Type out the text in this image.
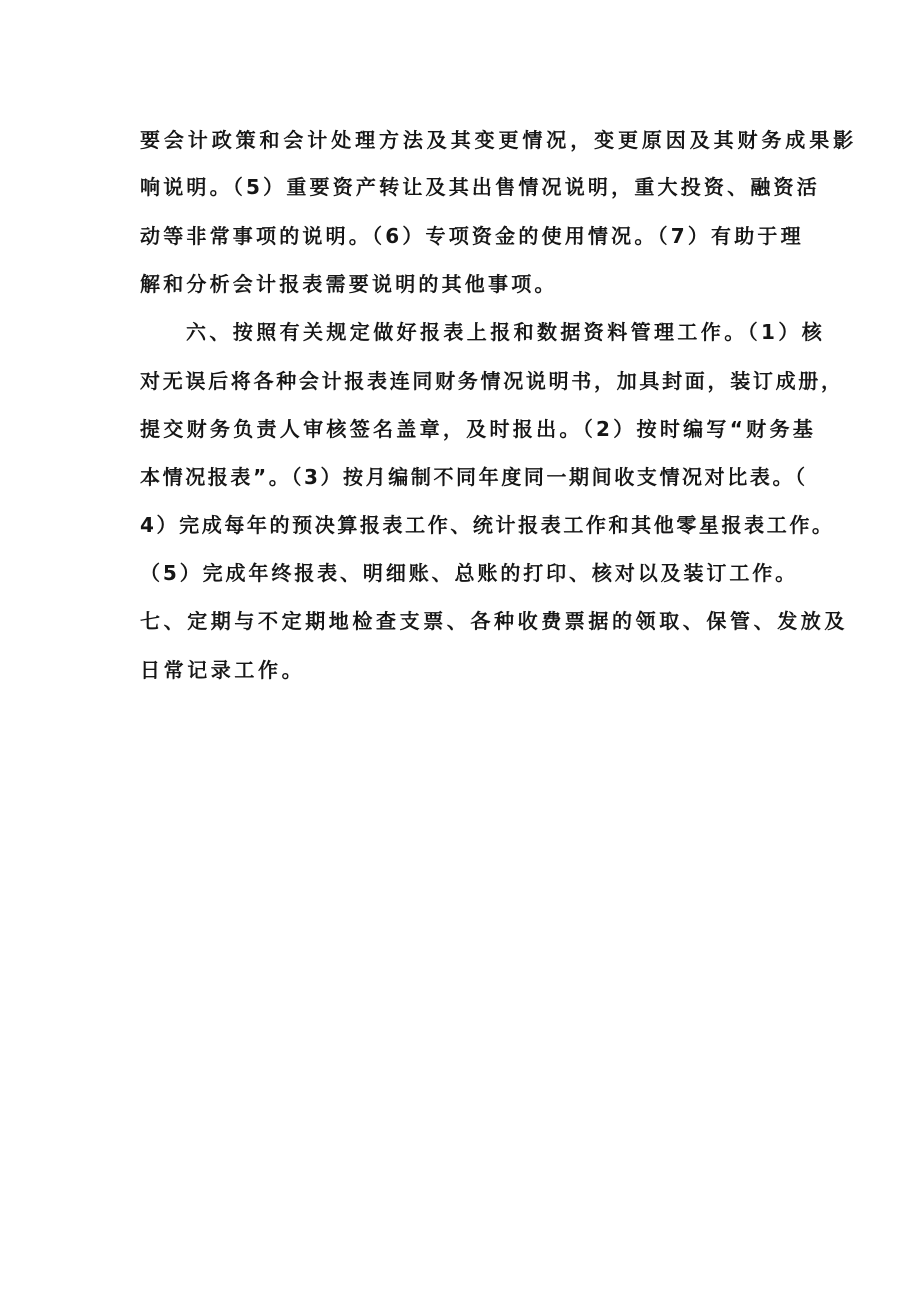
要会计政策和会计处理方法及其变更情况，变更原因及其财务成果影
响说明。（5）重要资产转让及其出售情况说明，重大投资、融资活
动等非常事项的说明。（6）专项资金的使用情况。（7）有助于理
解和分析会计报表需要说明的其他事项。
六、按照有关规定做好报表上报和数据资料管理工作。（1）核
对无误后将各种会计报表连同财务情况说明书，加具封面，装订成册，
提交财务负责人审核签名盖章，及时报出。（2）按时编写“财务基
本情况报表”。（3）按月编制不同年度同一期间收支情况对比表。（
4）完成每年的预决算报表工作、统计报表工作和其他零星报表工作。
（5）完成年终报表、明细账、总账的打印、核对以及装订工作。
七、定期与不定期地检查支票、各种收费票据的领取、保管、发放及
日常记录工作。
